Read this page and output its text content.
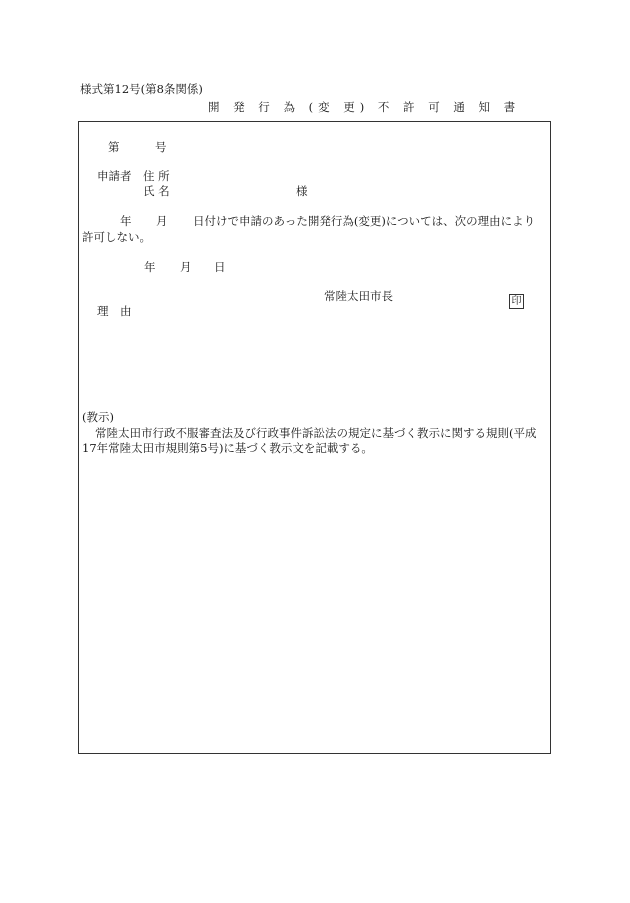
様式第12号(第8条関係)
開 発 行 為 (変 更) 不 許 可 通 知 書
第	号
申請者 住 所
氏 名	様
年 月 日付けで申請のあった開発行為(変更)については、次の理由により
許可しない。
年 月 日
常陸太田市長	印
理　由
(教示)
常陸太田市行政不服審査法及び行政事件訴訟法の規定に基づく教示に関する規則(平成
17年常陸太田市規則第5号)に基づく教示文を記載する。
